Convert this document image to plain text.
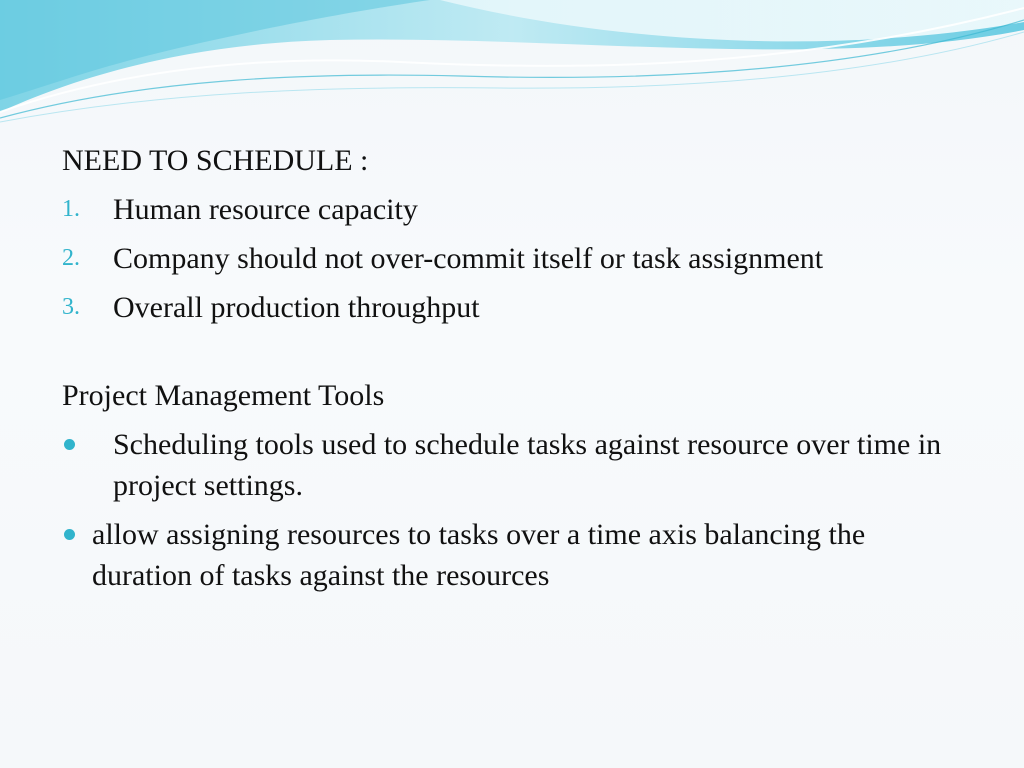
NEED TO SCHEDULE :

1. Human resource capacity
2. Company should not over-commit itself or task assignment
3. Overall production throughput

Project Management Tools

Scheduling tools used to schedule tasks against resource over time in project settings.
allow assigning resources to tasks over a time axis balancing the duration of tasks against the resources
